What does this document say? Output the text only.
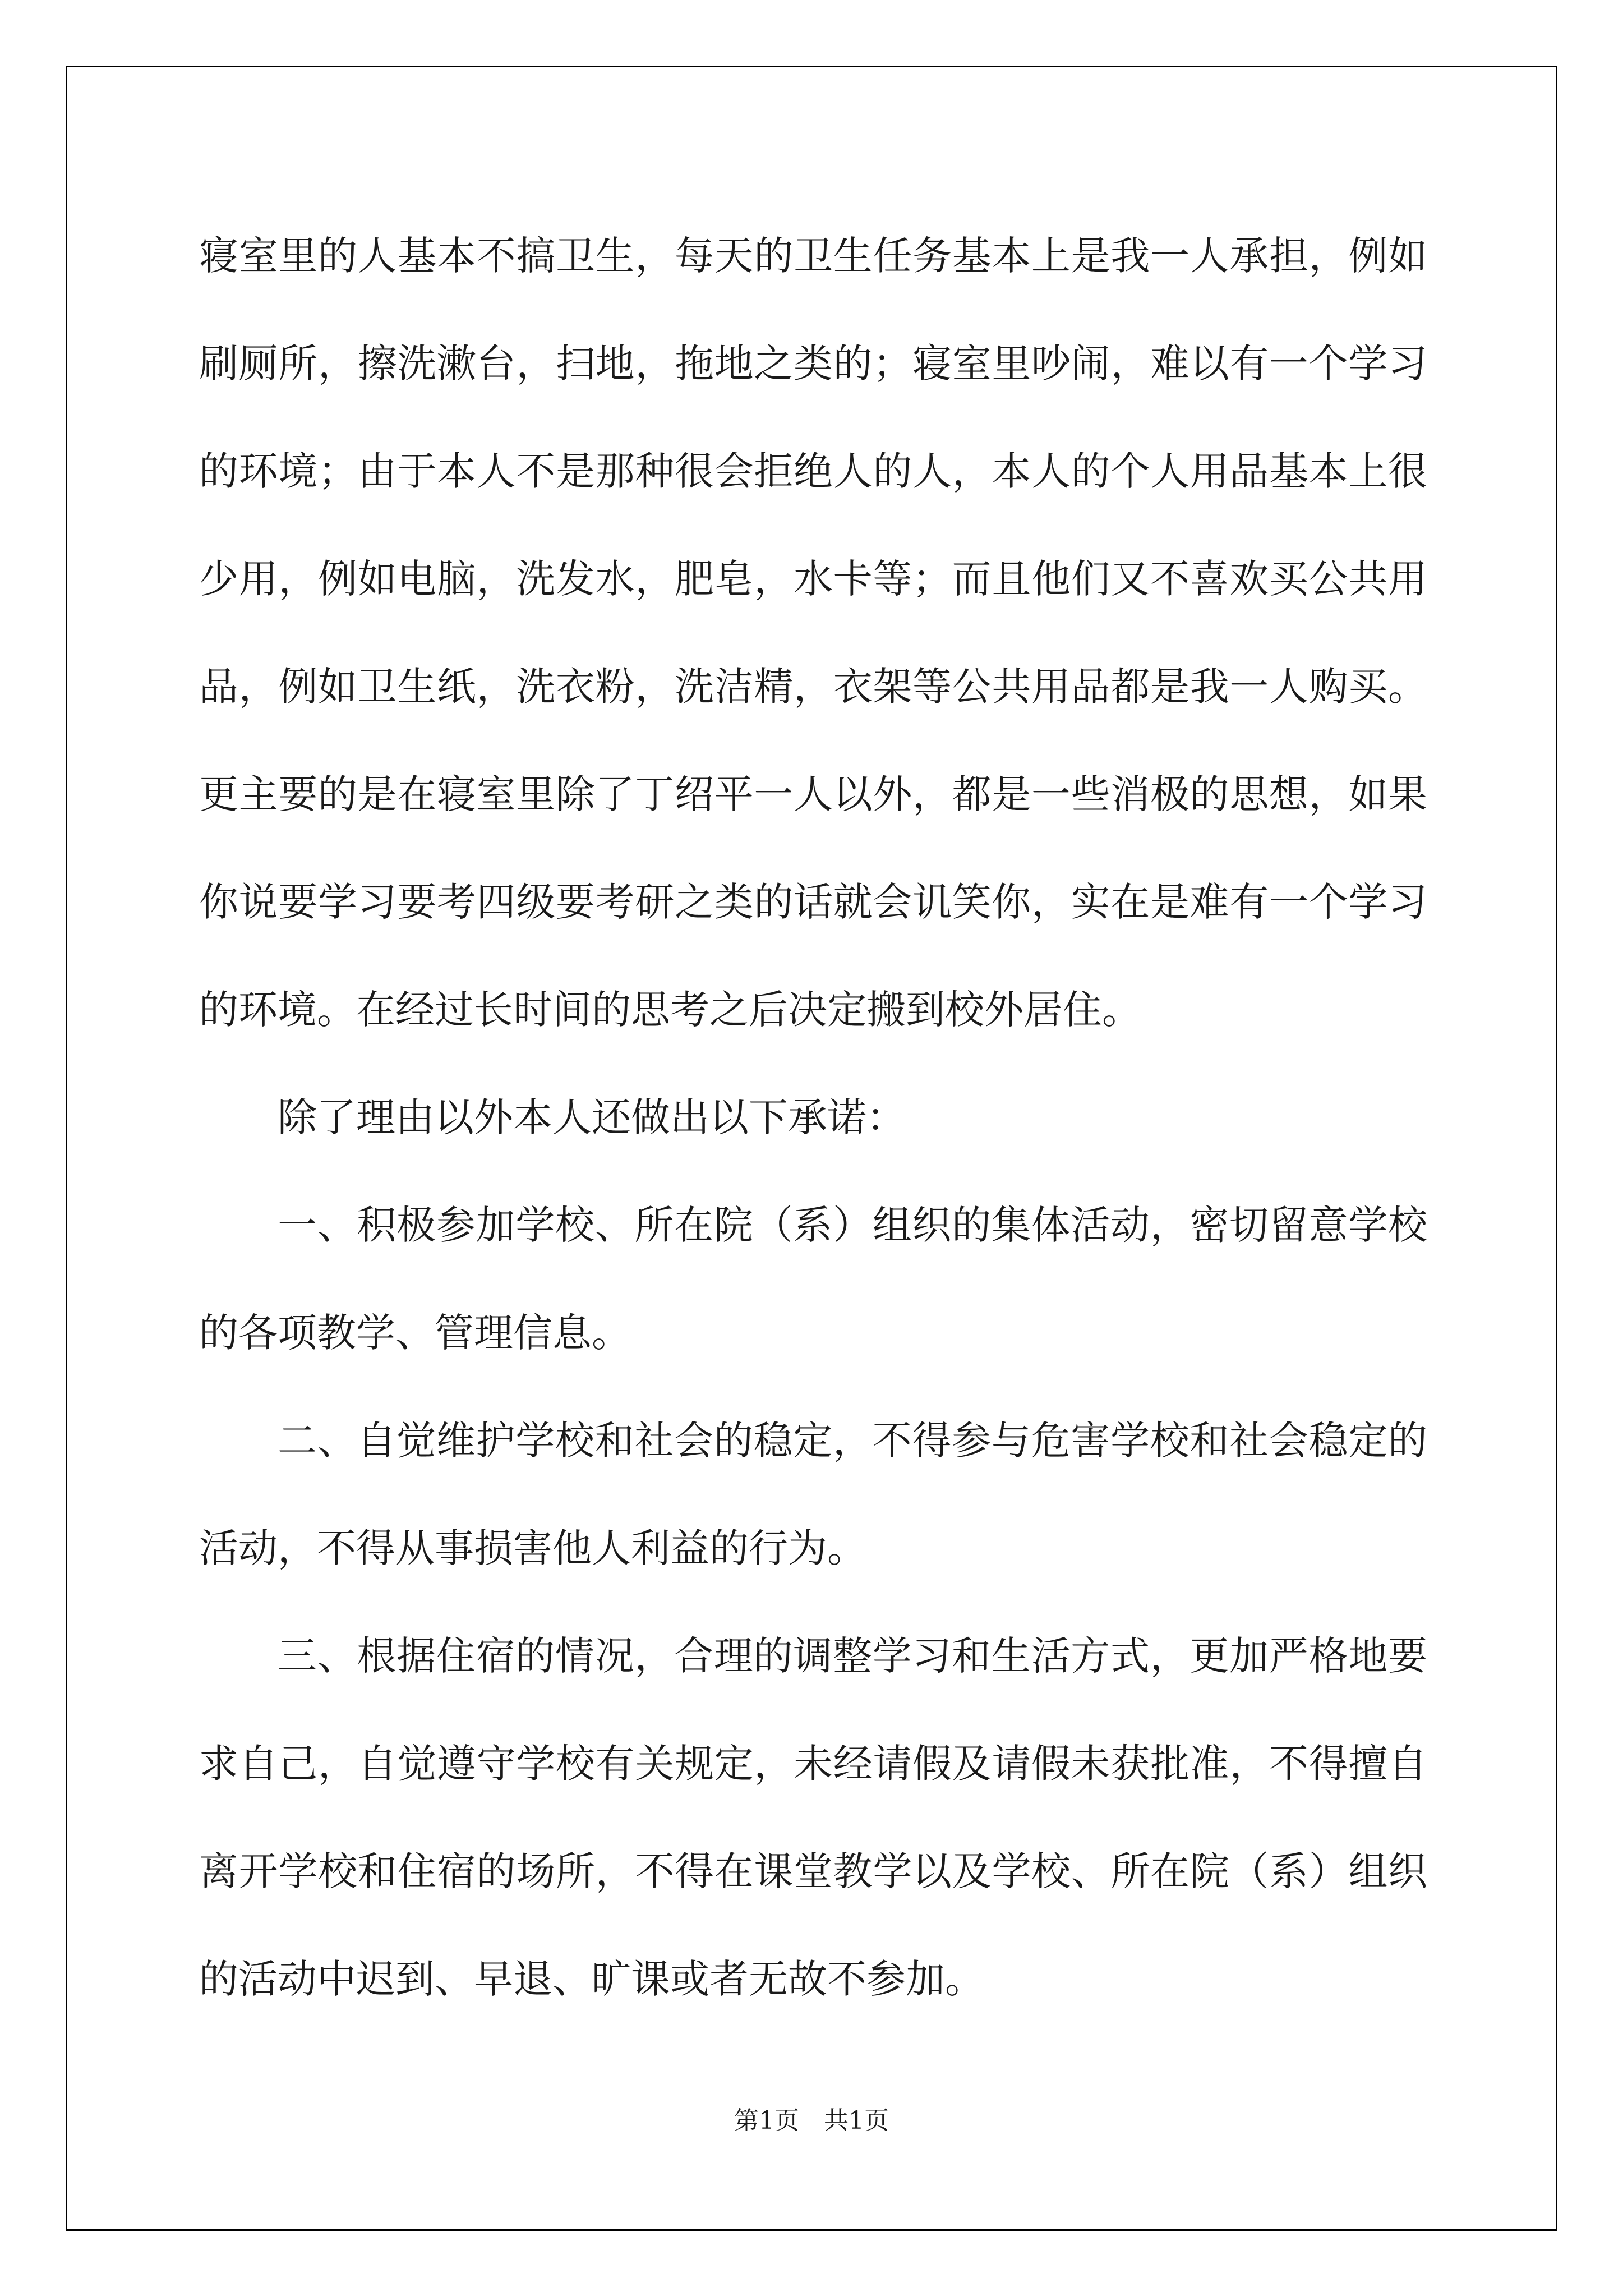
寝室里的人基本不搞卫生，每天的卫生任务基本上是我一人承担，例如刷厕所，擦洗漱台，扫地，拖地之类的；寝室里吵闹，难以有一个学习的环境；由于本人不是那种很会拒绝人的人，本人的个人用品基本上很少用，例如电脑，洗发水，肥皂，水卡等；而且他们又不喜欢买公共用品，例如卫生纸，洗衣粉，洗洁精，衣架等公共用品都是我一人购买。更主要的是在寝室里除了丁绍平一人以外，都是一些消极的思想，如果你说要学习要考四级要考研之类的话就会讥笑你，实在是难有一个学习的环境。在经过长时间的思考之后决定搬到校外居住。

除了理由以外本人还做出以下承诺：

一、积极参加学校、所在院（系）组织的集体活动，密切留意学校的各项教学、管理信息。

二、自觉维护学校和社会的稳定，不得参与危害学校和社会稳定的活动，不得从事损害他人利益的行为。

三、根据住宿的情况，合理的调整学习和生活方式，更加严格地要求自己，自觉遵守学校有关规定，未经请假及请假未获批准，不得擅自离开学校和住宿的场所，不得在课堂教学以及学校、所在院（系）组织的活动中迟到、早退、旷课或者无故不参加。

第1页　共1页
